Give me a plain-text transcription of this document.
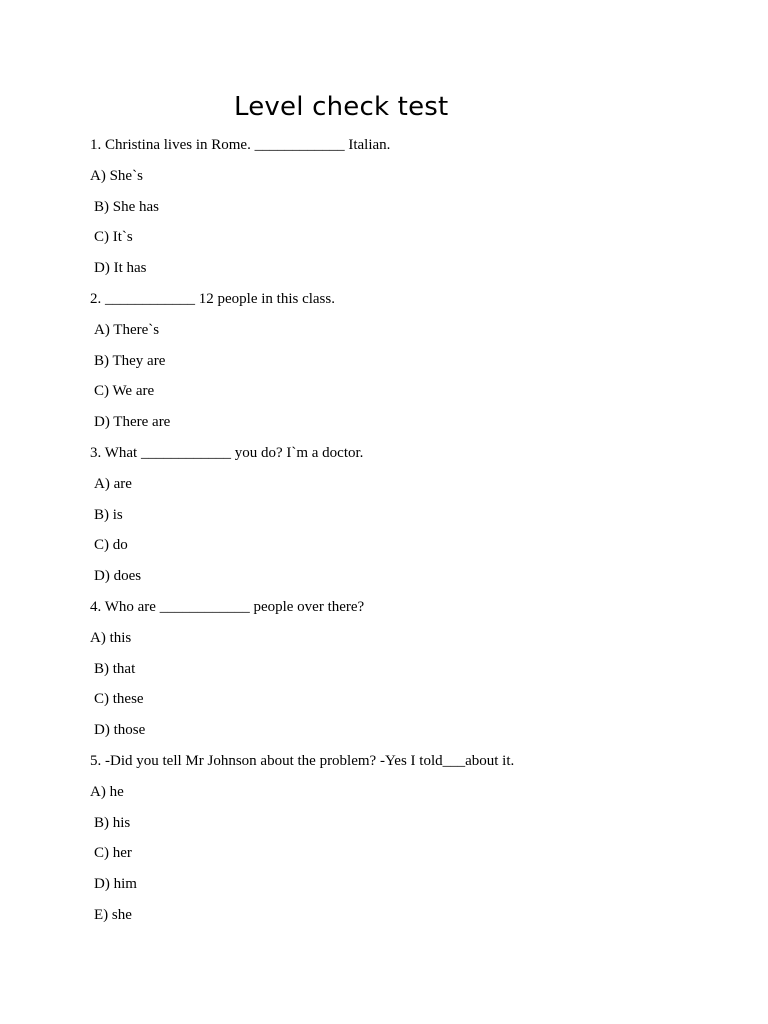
Level check test
1. Christina lives in Rome. ____________ Italian.
A) She`s
B) She has
C) It`s
D) It has
2. ____________ 12 people in this class.
A) There`s
B) They are
C) We are
D) There are
3. What ____________ you do? I`m a doctor.
A) are
B) is
C) do
D) does
4. Who are ____________ people over there?
A) this
B) that
C) these
D) those
5. -Did you tell Mr Johnson about the problem? -Yes I told___about it.
A) he
B) his
C) her
D) him
E) she
